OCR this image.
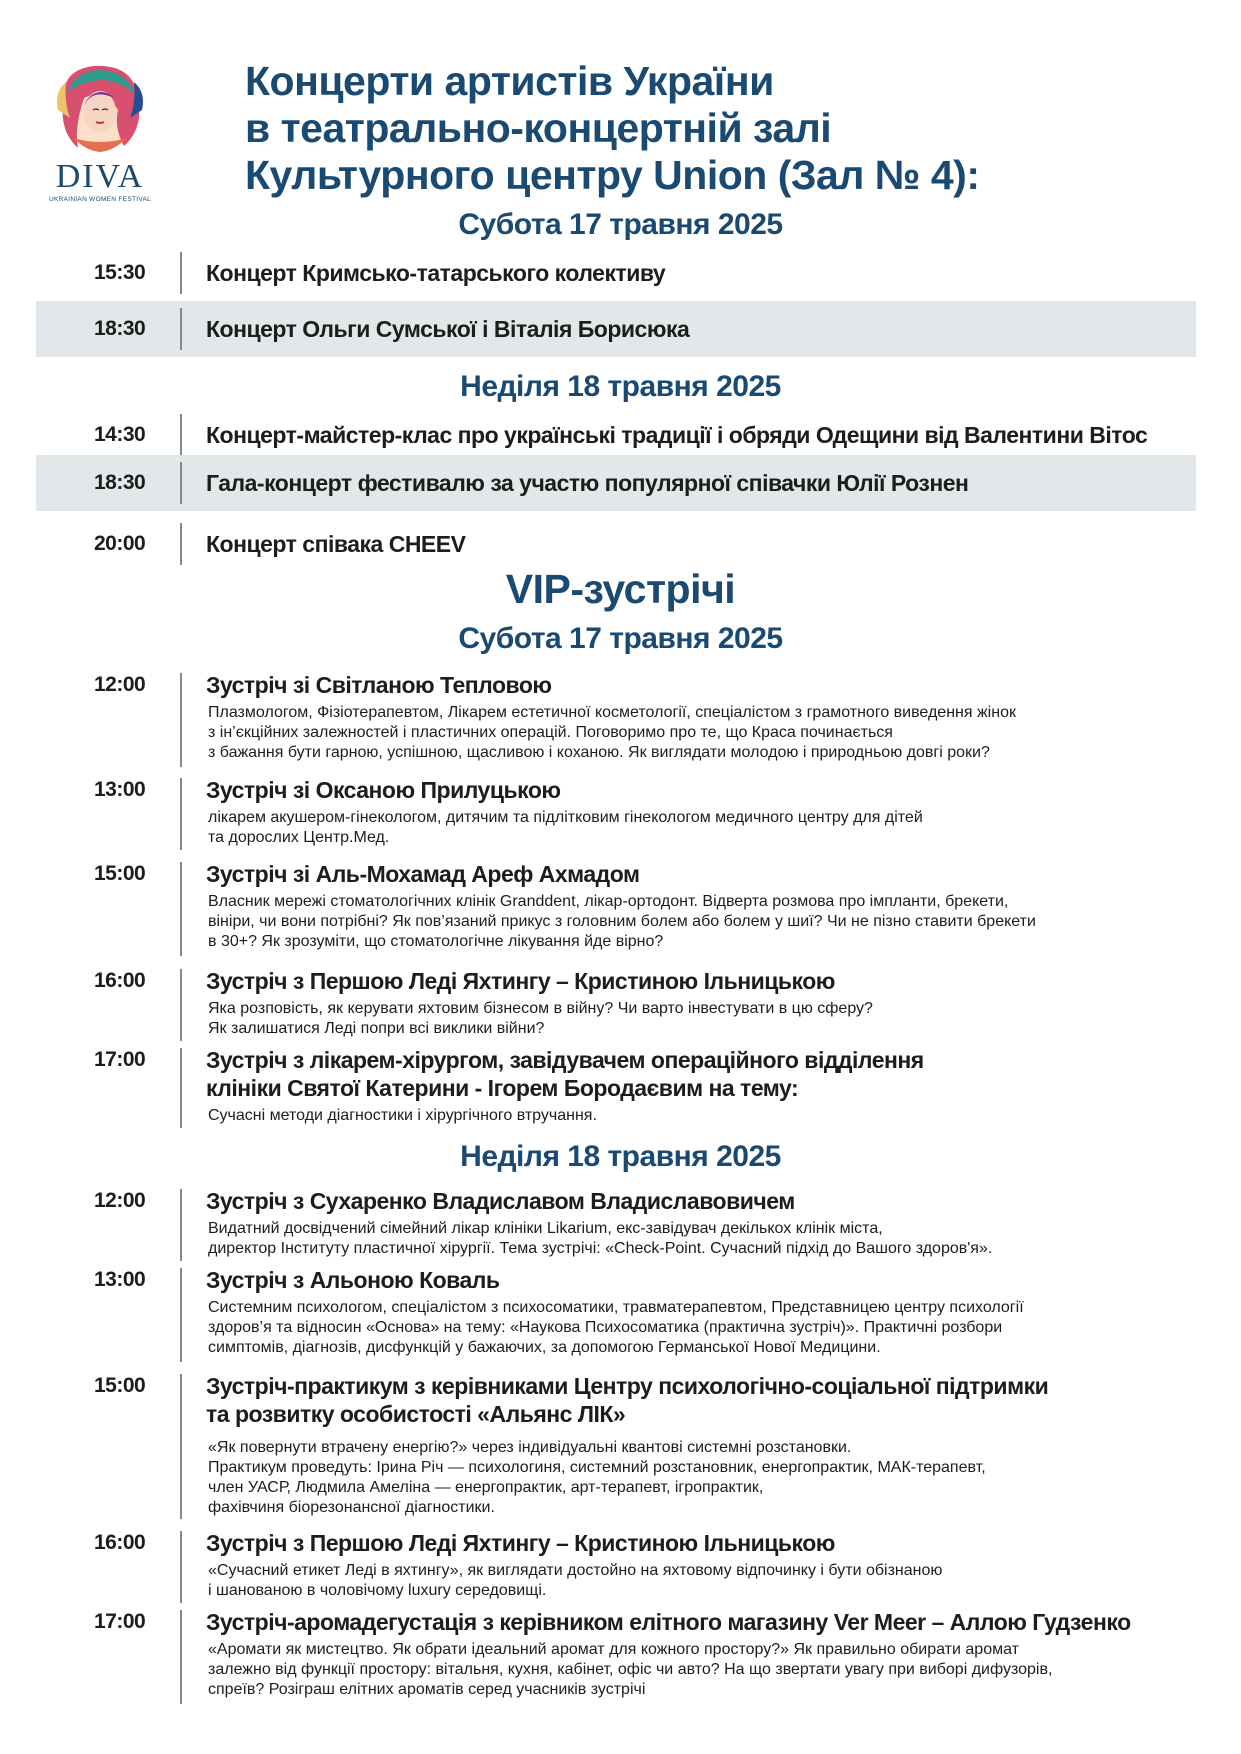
DIVA
UKRAINIAN WOMEN FESTIVAL
Концерти артистів України
в театрально-концертній залі
Культурного центру Union (Зал № 4):
Субота 17 травня 2025
15:30	Концерт Кримсько-татарського колективу
18:30	Концерт Ольги Сумської і Віталія Борисюка
Неділя 18 травня 2025
14:30	Концерт-майстер-клас про українські традиції і обряди Одещини від Валентини Вітос
18:30	Гала-концерт фестивалю за участю популярної співачки Юлії Рознен
20:00	Концерт співака CHEEV
VIP-зустрічі
Субота 17 травня 2025
12:00	Зустріч зі Світланою Тепловою
Плазмологом, Фізіотерапевтом, Лікарем естетичної косметології, спеціалістом з грамотного виведення жінок
з ін’єкційних залежностей і пластичних операцій. Поговоримо про те, що Краса починається
з бажання бути гарною, успішною, щасливою і коханою. Як виглядати молодою і природньою довгі роки?
13:00	Зустріч зі Оксаною Прилуцькою
лікарем акушером-гінекологом, дитячим та підлітковим гінекологом медичного центру для дітей
та дорослих Центр.Мед.
15:00	Зустріч зі Аль-Мохамад Ареф Ахмадом
Власник мережі стоматологічних клінік Granddent, лікар-ортодонт. Відверта розмова про імпланти, брекети,
вініри, чи вони потрібні? Як пов’язаний прикус з головним болем або болем у шиї? Чи не пізно ставити брекети
в 30+? Як зрозуміти, що стоматологічне лікування йде вірно?
16:00	Зустріч з Першою Леді Яхтингу – Кристиною Ільницькою
Яка розповість, як керувати яхтовим бізнесом в війну? Чи варто інвестувати в цю сферу?
Як залишатися Леді попри всі виклики війни?
17:00	Зустріч з лікарем-хірургом, завідувачем операційного відділення
клініки Святої Катерини - Ігорем Бородаєвим на тему:
Сучасні методи діагностики і хірургічного втручання.
Неділя 18 травня 2025
12:00	Зустріч з Сухаренко Владиславом Владиславовичем
Видатний досвідчений сімейний лікар клініки Likarium, екс-завідувач декількох клінік міста,
директор Інституту пластичної хірургії. Тема зустрічі: «Check-Point. Сучасний підхід до Вашого здоров'я».
13:00	Зустріч з Альоною Коваль
Системним психологом, спеціалістом з психосоматики, травматерапевтом, Представницею центру психології
здоров’я та відносин «Основа» на тему: «Наукова Психосоматика (практична зустріч)». Практичні розбори
симптомів, діагнозів, дисфункцій у бажаючих, за допомогою Германської Нової Медицини.
15:00	Зустріч-практикум з керівниками Центру психологічно-соціальної підтримки
та розвитку особистості «Альянс ЛІК»
«Як повернути втрачену енергію?» через індивідуальні квантові системні розстановки.
Практикум проведуть: Ірина Річ — психологиня, системний розстановник, енергопрактик, МАК-терапевт,
член УАСР, Людмила Амеліна — енергопрактик, арт-терапевт, ігропрактик,
фахівчиня біорезонансної діагностики.
16:00	Зустріч з Першою Леді Яхтингу – Кристиною Ільницькою
«Сучасний етикет Леді в яхтингу», як виглядати достойно на яхтовому відпочинку і бути обізнаною
і шанованою в чоловічому luxury середовищі.
17:00	Зустріч-аромадегустація з керівником елітного магазину Ver Meer – Аллою Гудзенко
«Аромати як мистецтво. Як обрати ідеальний аромат для кожного простору?» Як правильно обирати аромат
залежно від функції простору: вітальня, кухня, кабінет, офіс чи авто? На що звертати увагу при виборі дифузорів,
спреїв? Розіграш елітних ароматів серед учасників зустрічі
